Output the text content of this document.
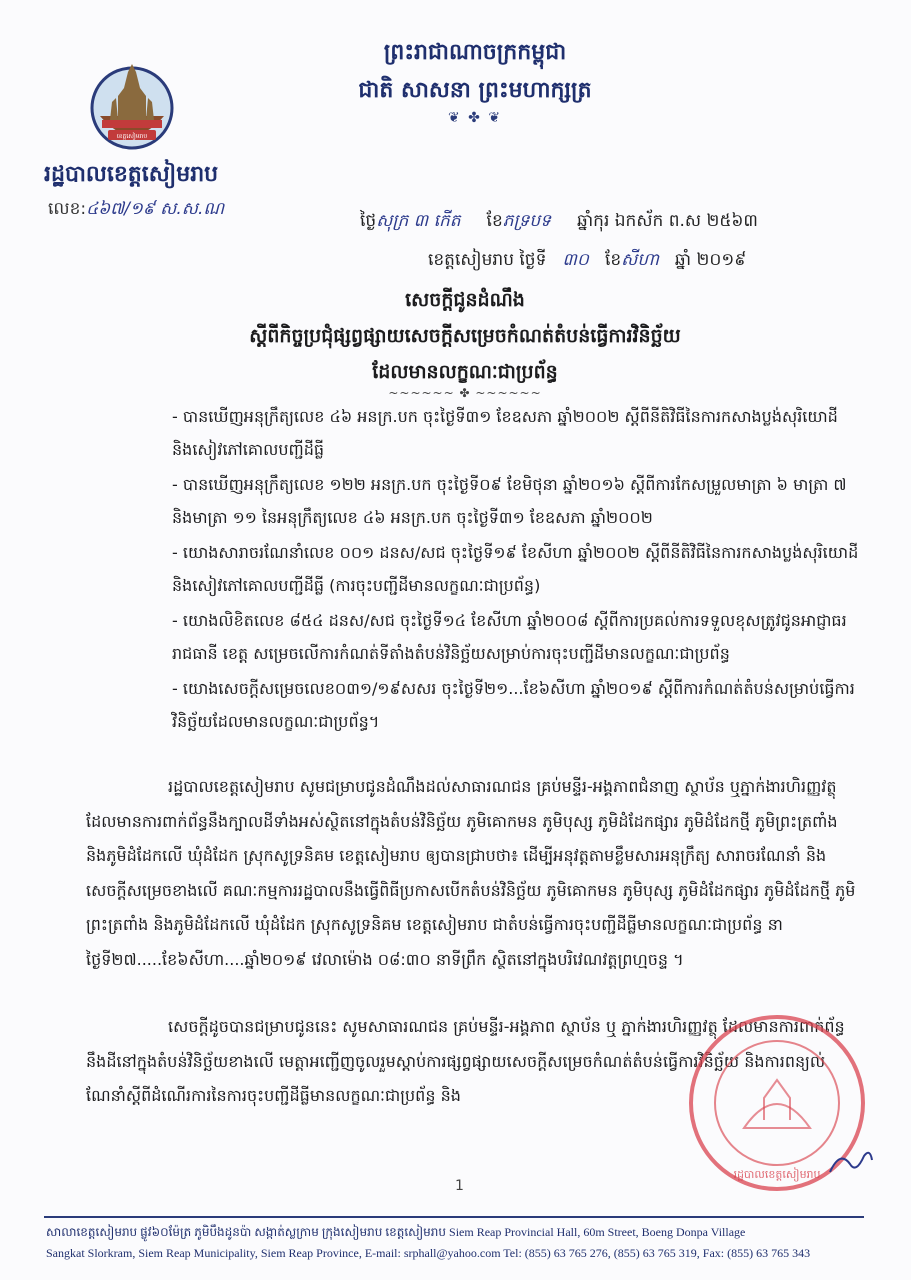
ព្រះរាជាណាចក្រកម្ពុជា
ជាតិ សាសនា ព្រះមហាក្សត្រ
❦ ✤ ❦
ខេត្តសៀមរាប
រដ្ឋបាលខេត្តសៀមរាប
លេខ:៤៦៧/១៩ ស.ស.ណ
ថ្ងៃសុក្រ ៣ កើត ខែភទ្របទ ឆ្នាំកុរ ឯកស័ក ព.ស ២៥៦៣
ខេត្តសៀមរាប ថ្ងៃទី ៣០ ខែសីហា ឆ្នាំ ២០១៩
សេចក្តីជូនដំណឹង
ស្តីពីកិច្ចប្រជុំផ្សព្វផ្សាយសេចក្តីសម្រេចកំណត់តំបន់ធ្វើការវិនិច្ឆ័យ
ដែលមានលក្ខណៈជាប្រព័ន្ធ
~~~~~~ ✤ ~~~~~~
- បានឃើញអនុក្រឹត្យលេខ ៤៦ អនក្រ.បក ចុះថ្ងៃទី៣១ ខែឧសភា ឆ្នាំ២០០២ ស្តីពីនីតិវិធីនៃការកសាងប្លង់សុរិយោដី និងសៀវភៅគោលបញ្ជីដីធ្លី
- បានឃើញអនុក្រឹត្យលេខ ១២២ អនក្រ.បក ចុះថ្ងៃទី០៩ ខែមិថុនា ឆ្នាំ២០១៦ ស្តីពីការកែសម្រួលមាត្រា ៦ មាត្រា ៧ និងមាត្រា ១១ នៃអនុក្រឹត្យលេខ ៤៦ អនក្រ.បក ចុះថ្ងៃទី៣១ ខែឧសភា ឆ្នាំ២០០២
- យោងសារាចរណែនាំលេខ ០០១ ដនស/សជ ចុះថ្ងៃទី១៩ ខែសីហា ឆ្នាំ២០០២ ស្តីពីនីតិវិធីនៃការកសាងប្លង់សុរិយោដី និងសៀវភៅគោលបញ្ជីដីធ្លី (ការចុះបញ្ជីដីមានលក្ខណៈជាប្រព័ន្ធ)
- យោងលិខិតលេខ ៨៥៤ ដនស/សជ ចុះថ្ងៃទី១៤ ខែសីហា ឆ្នាំ២០០៨ ស្តីពីការប្រគល់ការទទួលខុសត្រូវជូនអាជ្ញាធររាជធានី ខេត្ត សម្រេចលើការកំណត់ទីតាំងតំបន់វិនិច្ឆ័យសម្រាប់ការចុះបញ្ជីដីមានលក្ខណៈជាប្រព័ន្ធ
- យោងសេចក្តីសម្រេចលេខ០៣១/១៩សសរ ចុះថ្ងៃទី២១...ខែ៦សីហា ឆ្នាំ២០១៩ ស្តីពីការកំណត់តំបន់សម្រាប់ធ្វើការវិនិច្ឆ័យដែលមានលក្ខណៈជាប្រព័ន្ធ។
រដ្ឋបាលខេត្តសៀមរាប សូមជម្រាបជូនដំណឹងដល់សាធារណជន គ្រប់មន្ទីរ-អង្គភាពជំនាញ ស្ថាប័ន ឬភ្នាក់ងារហិរញ្ញវត្ថុ ដែលមានការពាក់ព័ន្ធនឹងក្បាលដីទាំងអស់ស្ថិតនៅក្នុងតំបន់វិនិច្ឆ័យ ភូមិគោកមន ភូមិបុស្ស ភូមិដំដែកផ្សារ ភូមិដំដែកថ្មី ភូមិព្រះត្រពាំង និងភូមិដំដែកលើ ឃុំដំដែក ស្រុកសូទ្រនិគម ខេត្តសៀមរាប ឲ្យបានជ្រាបថា៖ ដើម្បីអនុវត្តតាមខ្លឹមសារអនុក្រឹត្យ សារាចរណែនាំ និងសេចក្តីសម្រេចខាងលើ គណៈកម្មការរដ្ឋបាលនឹងធ្វើពិធីប្រកាសបើកតំបន់វិនិច្ឆ័យ ភូមិគោកមន ភូមិបុស្ស ភូមិដំដែកផ្សារ ភូមិដំដែកថ្មី ភូមិព្រះត្រពាំង និងភូមិដំដែកលើ ឃុំដំដែក ស្រុកសូទ្រនិគម ខេត្តសៀមរាប ជាតំបន់ធ្វើការចុះបញ្ជីដីធ្លីមានលក្ខណៈជាប្រព័ន្ធ នាថ្ងៃទី២៧.....ខែ៦សីហា....ឆ្នាំ២០១៩ វេលាម៉ោង ០៨:៣០ នាទីព្រឹក ស្ថិតនៅក្នុងបរិវេណវត្តព្រហ្មចន្ទ ។
សេចក្តីដូចបានជម្រាបជូននេះ សូមសាធារណជន គ្រប់មន្ទីរ-អង្គភាព ស្ថាប័ន ឬ ភ្នាក់ងារហិរញ្ញវត្ថុ ដែលមានការពាក់ព័ន្ធនឹងដីនៅក្នុងតំបន់វិនិច្ឆ័យខាងលើ មេត្តាអញ្ជើញចូលរួមស្តាប់ការផ្សព្វផ្សាយសេចក្តីសម្រេចកំណត់តំបន់ធ្វើការវិនិច្ឆ័យ និងការពន្យល់ណែនាំស្តីពីដំណើរការនៃការចុះបញ្ជីដីធ្លីមានលក្ខណៈជាប្រព័ន្ធ និង
រដ្ឋបាលខេត្តសៀមរាប
1
សាលាខេត្តសៀមរាប ផ្លូវ៦០ម៉ែត្រ ភូមិបឹងដូនប៉ា សង្កាត់ស្លក្រាម ក្រុងសៀមរាប ខេត្តសៀមរាប Siem Reap Provincial Hall, 60m Street, Boeng Donpa Village
Sangkat Slorkram, Siem Reap Municipality, Siem Reap Province, E-mail: srphall@yahoo.com Tel: (855) 63 765 276, (855) 63 765 319, Fax: (855) 63 765 343
